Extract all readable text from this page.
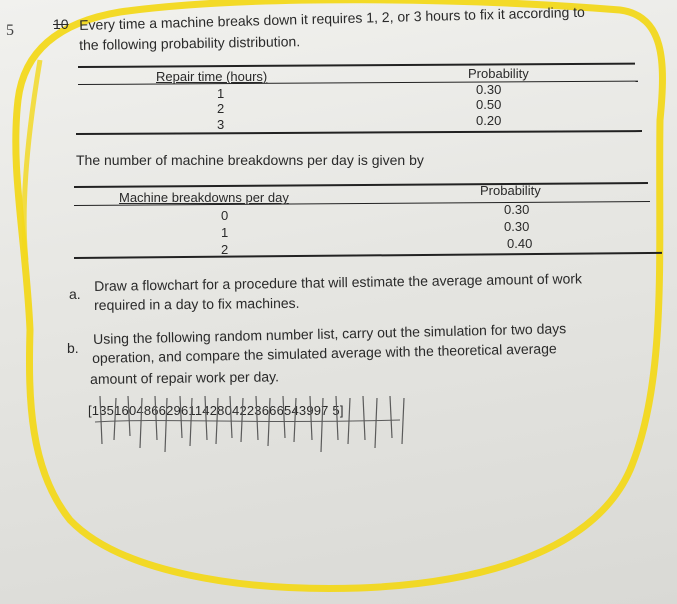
5	10 Every time a machine breaks down it requires 1, 2, or 3 hours to fix it according to
the following probability distribution.
Repair time (hours)	Probability
1	0.30
2	0.50
3	0.20
The number of machine breakdowns per day is given by
Machine breakdowns per day	Probability
0	0.30
1	0.30
2	0.40
a.
Draw a flowchart for a procedure that will estimate the average amount of work
required in a day to fix machines.
b.
Using the following random number list, carry out the simulation for two days
operation, and compare the simulated average with the theoretical average
amount of repair work per day.
[13516048662961142804223666543997 5]
